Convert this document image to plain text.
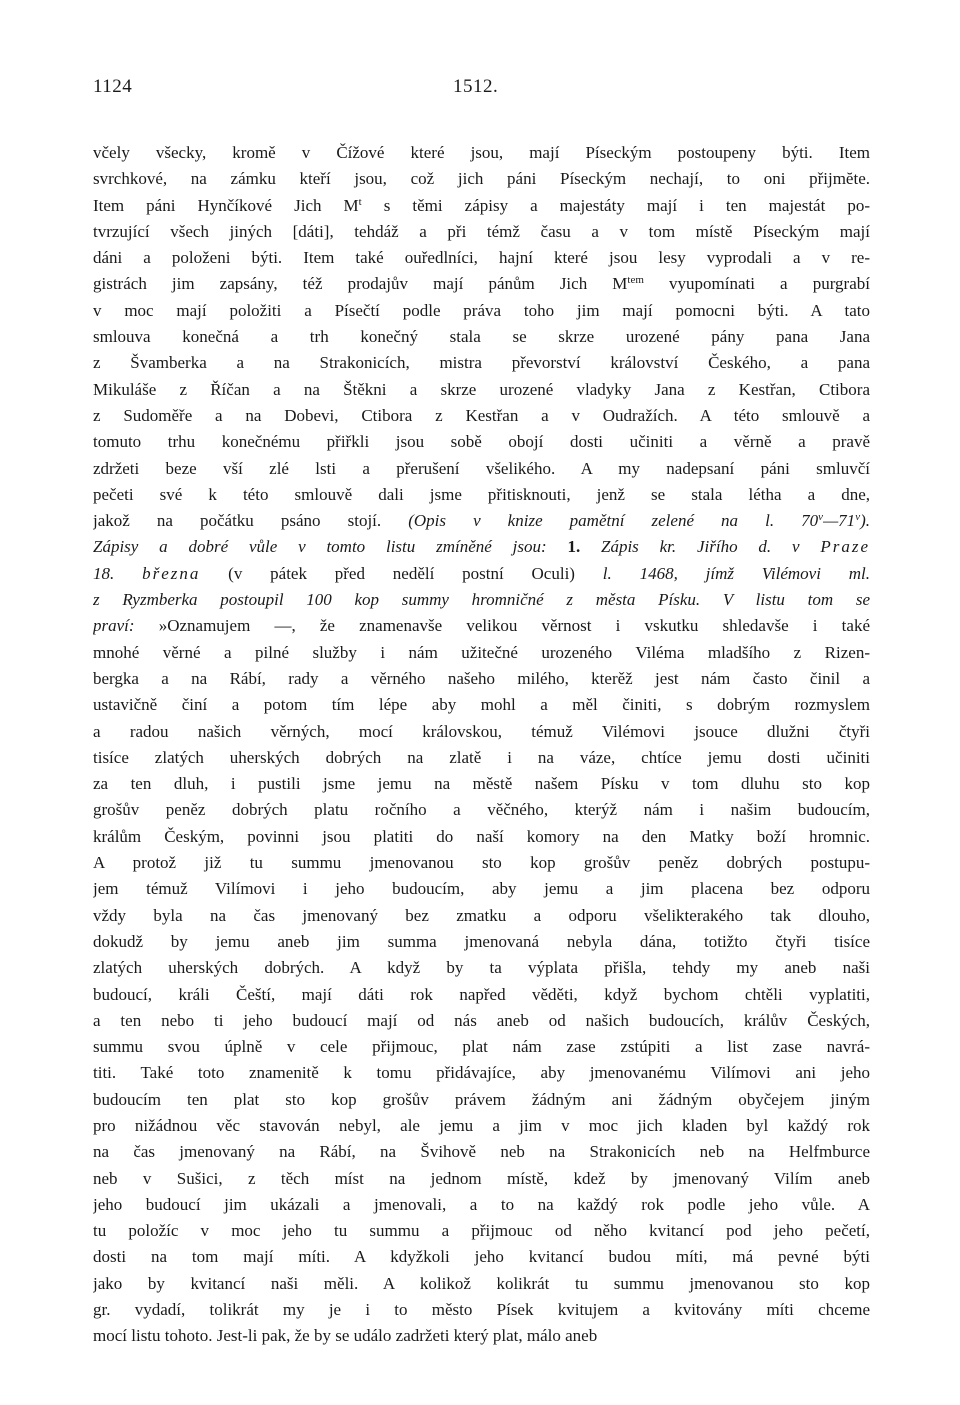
1124	1512.
včely všecky, kromě v Čížové které jsou, mají Píseckým postoupeny býti. Item
svrchkové, na zámku kteří jsou, což jich páni Píseckým nechají, to oni přijmĕte.
Item páni Hynčíkové Jich $M^t$ s těmi zápisy a majestáty mají i ten majestát po-
tvrzující všech jiných [dáti], tehdáž a při témž času a v tom místě Píseckým mají
dáni a položeni býti. Item také ouředlníci, hajní které jsou lesy vyprodali a v re-
gistrách jim zapsány, též prodajův mají pánům Jich $M^{tem}$ vyupomínati a purgrabí
v moc mají položiti a Písečtí podle práva toho jim mají pomocni býti. A tato
smlouva konečná a trh konečný stala se skrze urozené pány pana Jana
z Švamberka a na Strakonicích, mistra převorství království Českého, a pana
Mikuláše z Říčan a na Štěkni a skrze urozené vladyky Jana z Kestřan, Ctibora
z Sudoměře a na Dobevi, Ctibora z Kestřan a v Oudražích. A této smlouvě a
tomuto trhu konečnému přiřkli jsou sobě obojí dosti učiniti a věrně a pravě
zdržeti beze vší zlé lsti a přerušení všelikého. A my nadepsaní páni smluvčí
pečeti své k této smlouvě dali jsme přitisknouti, jenž se stala létha a dne,
jakož na počátku psáno stojí. (Opis v knize pamětní zelené na l. 70$^v$—71$^v$).
Zápisy a dobré vůle v tomto listu zmíněné jsou: 1. Zápis kr. Jiřího d. v Praze
18. března (v pátek před nedělí postní Oculi) l. 1468, jímž Vilémovi ml.
z Ryzmberka postoupil 100 kop summy hromničné z města Písku. V listu tom se
praví: »Oznamujem —, že znamenavše velikou věrnost i vskutku shledavše i také
mnohé věrné a pilné služby i nám užitečné urozeného Viléma mladšího z Rizen-
bergka a na Rábí, rady a věrného našeho milého, kterěž jest nám často činil a
ustavičně činí a potom tím lépe aby mohl a měl činiti, s dobrým rozmyslem
a radou našich věrných, mocí královskou, témuž Vilémovi jsouce dlužni čtyři
tisíce zlatých uherských dobrých na zlatě i na váze, chtíce jemu dosti učiniti
za ten dluh, i pustili jsme jemu na městě našem Písku v tom dluhu sto kop
grošův peněz dobrých platu ročního a věčného, kterýž nám i našim budoucím,
králům Českým, povinni jsou platiti do naší komory na den Matky boží hromnic.
A protož již tu summu jmenovanou sto kop grošův peněz dobrých postupu-
jem témuž Vilímovi i jeho budoucím, aby jemu a jim placena bez odporu
vždy byla na čas jmenovaný bez zmatku a odporu všelikterakého tak dlouho,
dokudž by jemu aneb jim summa jmenovaná nebyla dána, totižto čtyři tisíce
zlatých uherských dobrých. A když by ta výplata přišla, tehdy my aneb naši
budoucí, králi Čeští, mají dáti rok napřed věděti, když bychom chtěli vyplatiti,
a ten nebo ti jeho budoucí mají od nás aneb od našich budoucích, králův Českých,
summu svou úplně v cele přijmouc, plat nám zase zstúpiti a list zase navrá-
titi. Také toto znamenitě k tomu přidávajíce, aby jmenovanému Vilímovi ani jeho
budoucím ten plat sto kop grošův právem žádným ani žádným obyčejem jiným
pro nižádnou věc stavován nebyl, ale jemu a jim v moc jich kladen byl každý rok
na čas jmenovaný na Rábí, na Švihově neb na Strakonicích neb na Helfmburce
neb v Sušici, z těch míst na jednom místě, kdež by jmenovaný Vilím aneb
jeho budoucí jim ukázali a jmenovali, a to na každý rok podle jeho vůle. A
tu položíc v moc jeho tu summu a přijmouc od něho kvitancí pod jeho pečetí,
dosti na tom mají míti. A kdyžkoli jeho kvitancí budou míti, má pevné býti
jako by kvitancí naši měli. A kolikož kolikrát tu summu jmenovanou sto kop
gr. vydadí, tolikrát my je i to město Písek kvitujem a kvitovány míti chceme
mocí listu tohoto. Jest-li pak, že by se událo zadržeti který plat, málo aneb
